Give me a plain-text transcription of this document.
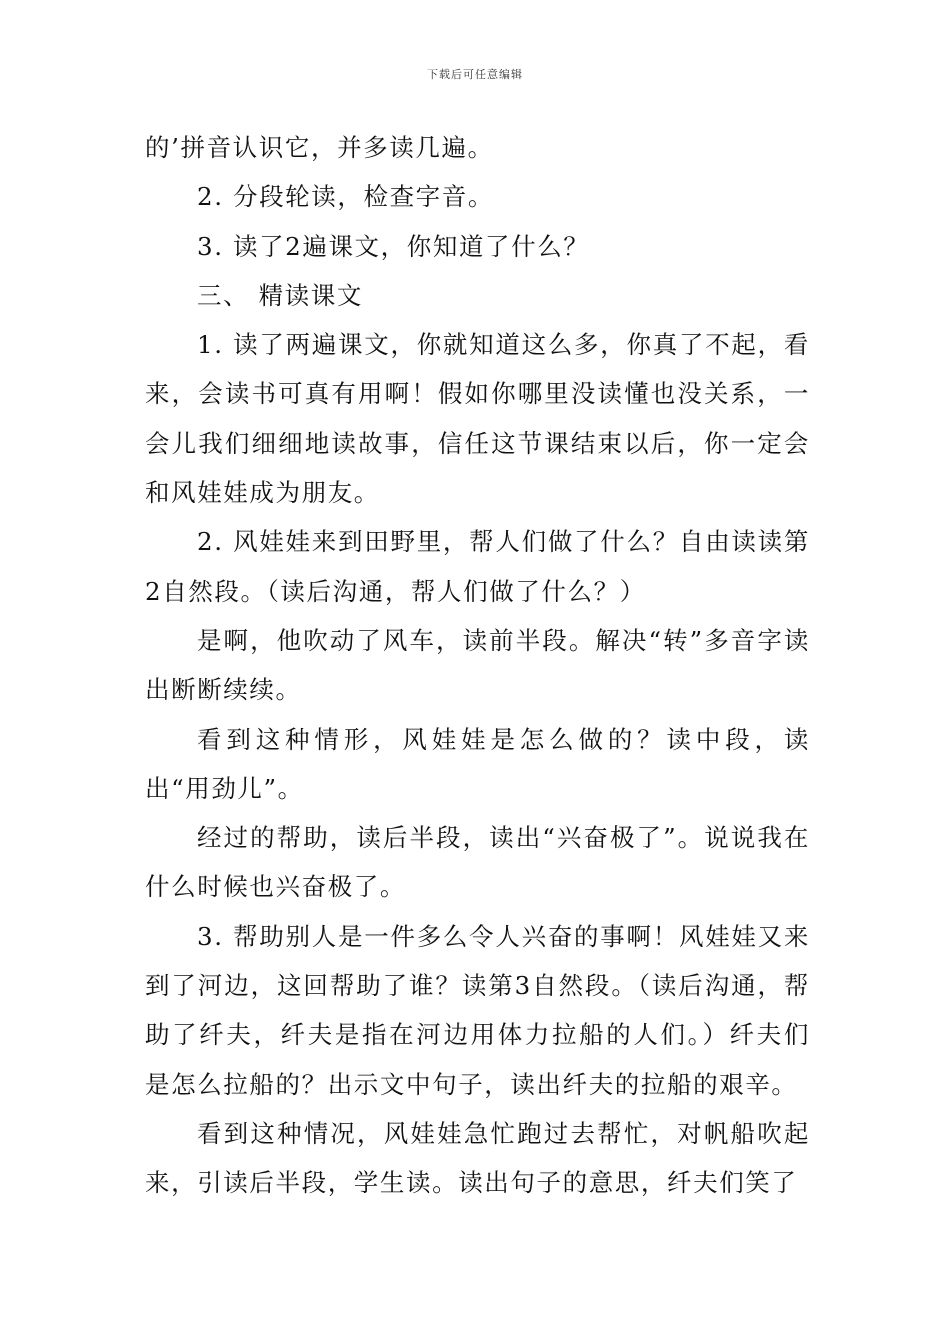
下载后可任意编辑

的’拼音认识它，并多读几遍。

2. 分段轮读，检查字音。

3. 读了2遍课文，你知道了什么？

三、 精读课文

1. 读了两遍课文，你就知道这么多，你真了不起，看来，会读书可真有用啊！假如你哪里没读懂也没关系，一会儿我们细细地读故事，信任这节课结束以后，你一定会和风娃娃成为朋友。

2. 风娃娃来到田野里，帮人们做了什么？自由读读第2自然段。（读后沟通，帮人们做了什么？）

是啊，他吹动了风车，读前半段。解决“转”多音字读出断断续续。

看到这种情形，风娃娃是怎么做的？读中段，读出“用劲儿”。

经过的帮助，读后半段，读出“兴奋极了”。说说我在什么时候也兴奋极了。

3. 帮助别人是一件多么令人兴奋的事啊！风娃娃又来到了河边，这回帮助了谁？读第3自然段。（读后沟通，帮助了纤夫，纤夫是指在河边用体力拉船的人们。）纤夫们是怎么拉船的？出示文中句子，读出纤夫的拉船的艰辛。

看到这种情况，风娃娃急忙跑过去帮忙，对帆船吹起来，引读后半段，学生读。读出句子的意思，纤夫们笑了
